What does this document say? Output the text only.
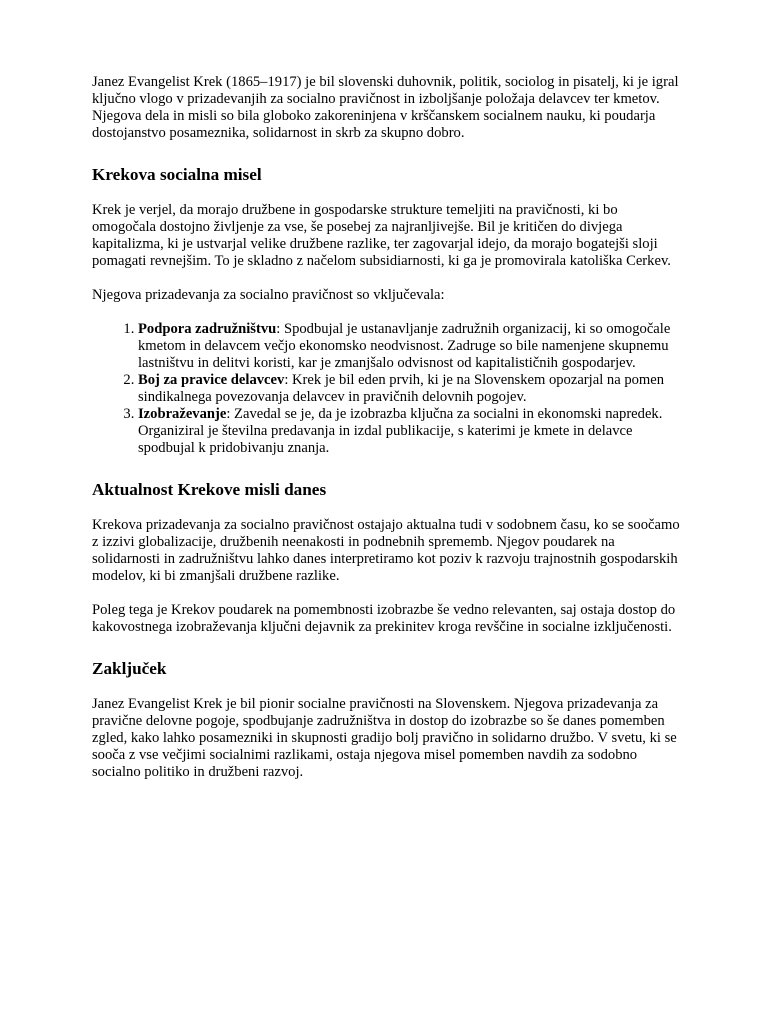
Janez Evangelist Krek (1865–1917) je bil slovenski duhovnik, politik, sociolog in pisatelj, ki je igral ključno vlogo v prizadevanjih za socialno pravičnost in izboljšanje položaja delavcev ter kmetov. Njegova dela in misli so bila globoko zakoreninjena v krščanskem socialnem nauku, ki poudarja dostojanstvo posameznika, solidarnost in skrb za skupno dobro.

Krekova socialna misel

Krek je verjel, da morajo družbene in gospodarske strukture temeljiti na pravičnosti, ki bo omogočala dostojno življenje za vse, še posebej za najranljivejše. Bil je kritičen do divjega kapitalizma, ki je ustvarjal velike družbene razlike, ter zagovarjal idejo, da morajo bogatejši sloji pomagati revnejšim. To je skladno z načelom subsidiarnosti, ki ga je promovirala katoliška Cerkev.

Njegova prizadevanja za socialno pravičnost so vključevala:

1. Podpora zadružništvu: Spodbujal je ustanavljanje zadružnih organizacij, ki so omogočale kmetom in delavcem večjo ekonomsko neodvisnost. Zadruge so bile namenjene skupnemu lastništvu in delitvi koristi, kar je zmanjšalo odvisnost od kapitalističnih gospodarjev.
2. Boj za pravice delavcev: Krek je bil eden prvih, ki je na Slovenskem opozarjal na pomen sindikalnega povezovanja delavcev in pravičnih delovnih pogojev.
3. Izobraževanje: Zavedal se je, da je izobrazba ključna za socialni in ekonomski napredek. Organiziral je številna predavanja in izdal publikacije, s katerimi je kmete in delavce spodbujal k pridobivanju znanja.
Aktualnost Krekove misli danes

Krekova prizadevanja za socialno pravičnost ostajajo aktualna tudi v sodobnem času, ko se soočamo z izzivi globalizacije, družbenih neenakosti in podnebnih sprememb. Njegov poudarek na solidarnosti in zadružništvu lahko danes interpretiramo kot poziv k razvoju trajnostnih gospodarskih modelov, ki bi zmanjšali družbene razlike.

Poleg tega je Krekov poudarek na pomembnosti izobrazbe še vedno relevanten, saj ostaja dostop do kakovostnega izobraževanja ključni dejavnik za prekinitev kroga revščine in socialne izključenosti.

Zaključek

Janez Evangelist Krek je bil pionir socialne pravičnosti na Slovenskem. Njegova prizadevanja za pravične delovne pogoje, spodbujanje zadružništva in dostop do izobrazbe so še danes pomemben zgled, kako lahko posamezniki in skupnosti gradijo bolj pravično in solidarno družbo. V svetu, ki se sooča z vse večjimi socialnimi razlikami, ostaja njegova misel pomemben navdih za sodobno socialno politiko in družbeni razvoj.
